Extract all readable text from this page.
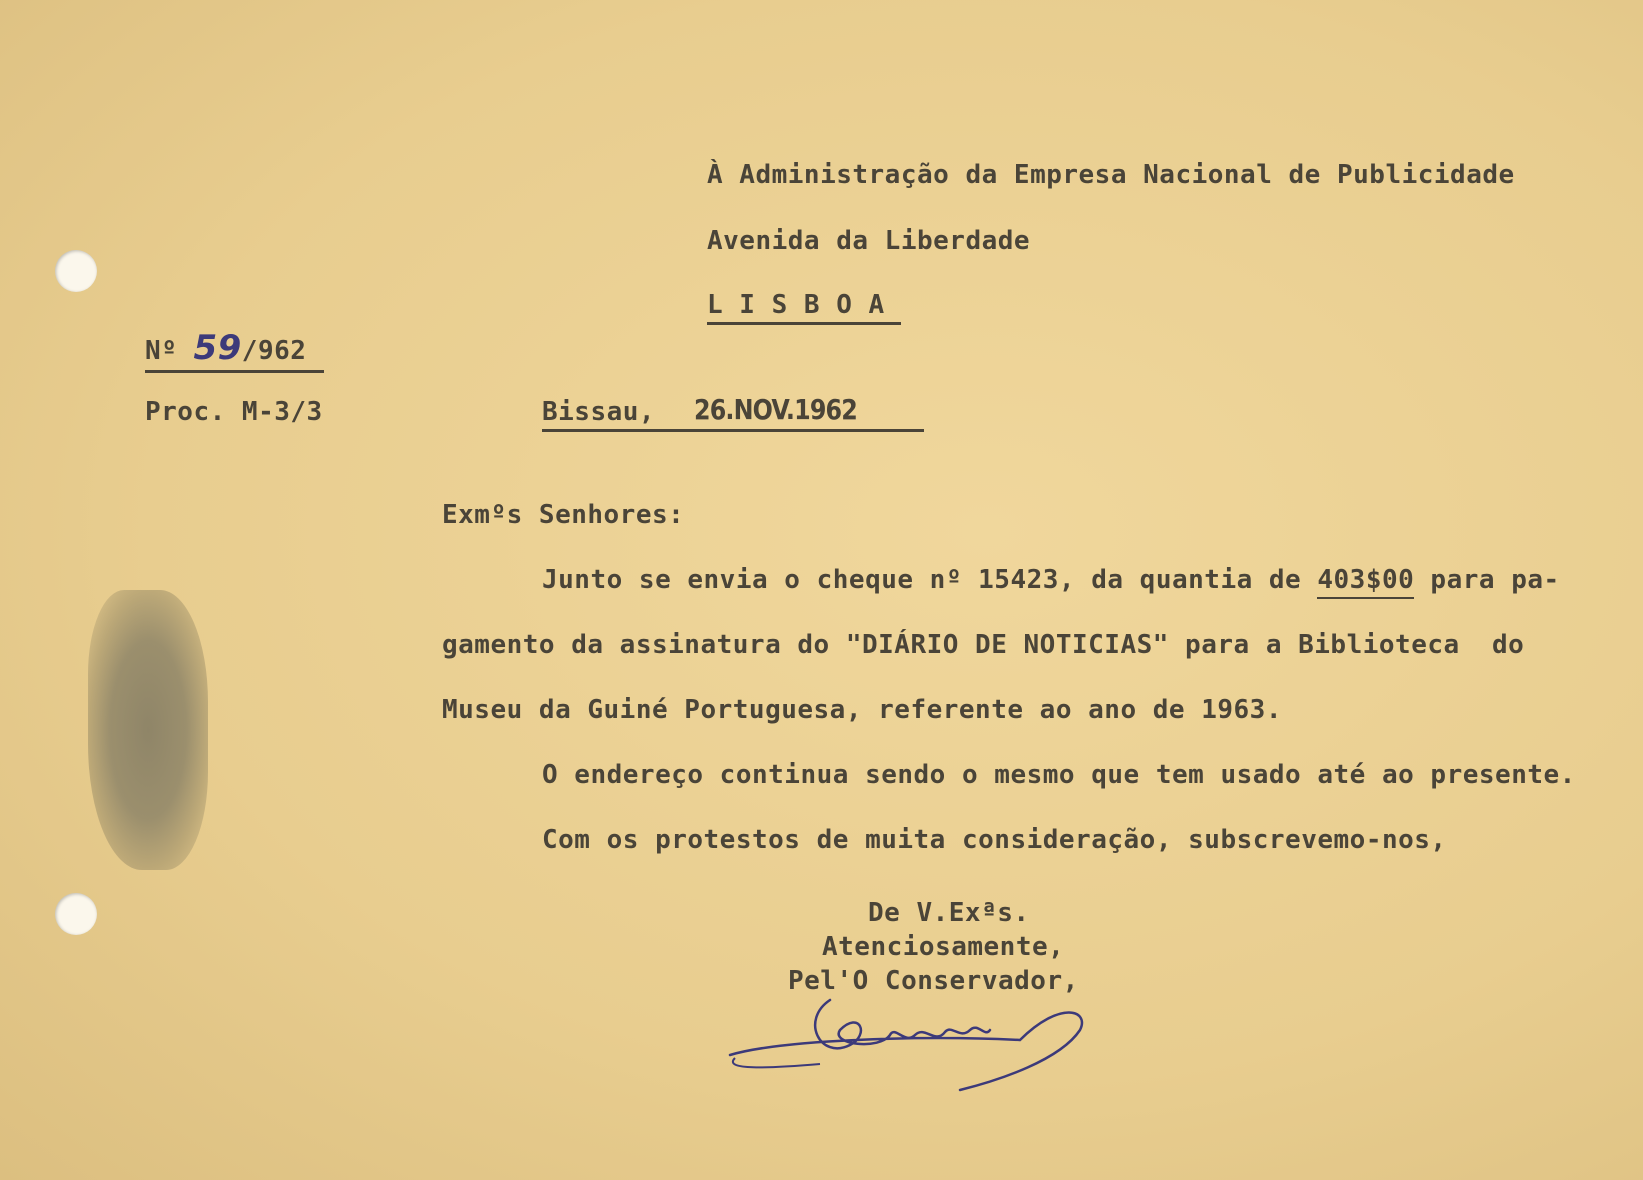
À Administração da Empresa Nacional de Publicidade
Avenida da Liberdade
L I S B O A
Nº 59/962
Proc. M-3/3	Bissau, 26.NOV.1962
Exmºs Senhores:
Junto se envia o cheque nº 15423, da quantia de 403$00 para pa-
gamento da assinatura do "DIÁRIO DE NOTICIAS" para a Biblioteca  do
Museu da Guiné Portuguesa, referente ao ano de 1963.
O endereço continua sendo o mesmo que tem usado até ao presente.
Com os protestos de muita consideração, subscrevemo-nos,
De V.Exªs.
Atenciosamente,
Pel'O Conservador,
